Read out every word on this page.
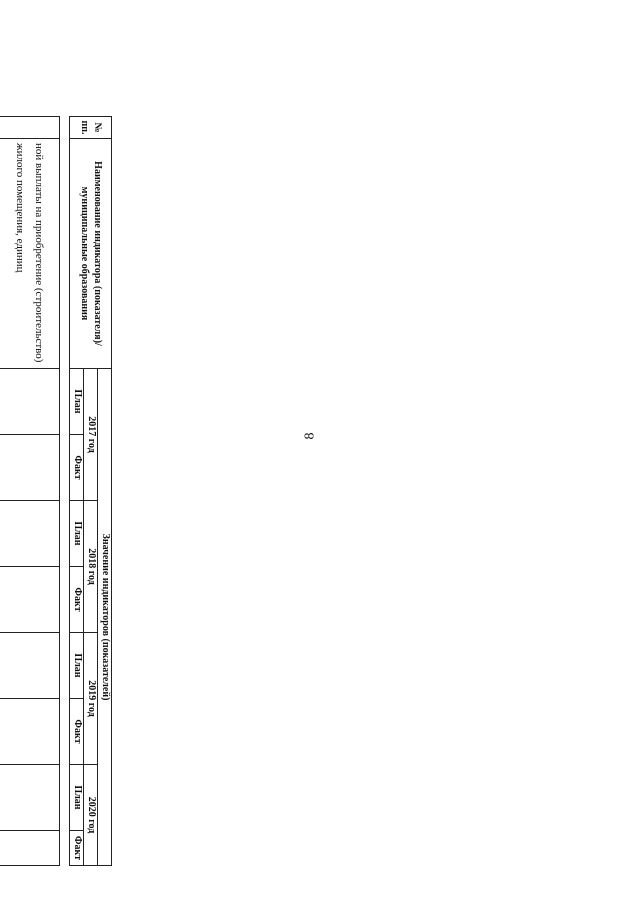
8
№ пп.	Наименование индикатора (показателя)/муниципальные образования	Значение индикаторов (показателей)							
		2017 год		2018 год		2019 год		2020 год	
		План	Факт	План	Факт	План	Факт	План	Факт

	ной выплаты на приобретение (строительство) жилого помещения, единиц								
